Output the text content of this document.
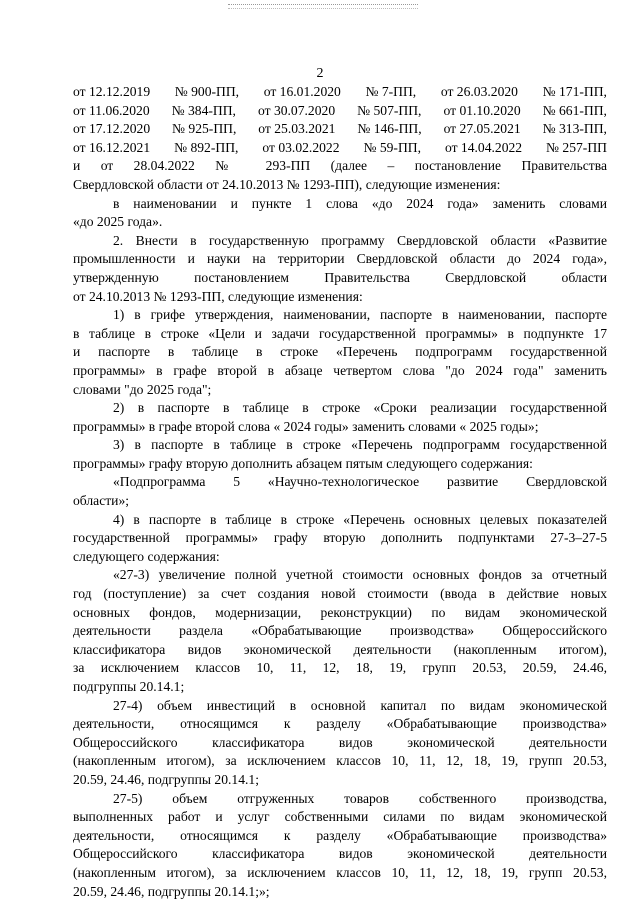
2
от 12.12.2019 № 900-ПП, от 16.01.2020 № 7-ПП, от 26.03.2020 № 171-ПП,
от 11.06.2020 № 384-ПП, от 30.07.2020 № 507-ПП, от 01.10.2020 № 661-ПП,
от 17.12.2020 № 925-ПП, от 25.03.2021 № 146-ПП, от 27.05.2021 № 313-ПП,
от 16.12.2021 № 892-ПП, от 03.02.2022 № 59-ПП, от 14.04.2022 № 257-ПП

и от 28.04.2022 № 293-ПП (далее – постановление Правительства

Свердловской области от 24.10.2013 № 1293-ПП), следующие изменения:

в наименовании и пункте 1 слова «до 2024 года» заменить словами

«до 2025 года».

2. Внести в государственную программу Свердловской области «Развитие

промышленности и науки на территории Свердловской области до 2024 года»,

утвержденную постановлением Правительства Свердловской области

от 24.10.2013 № 1293-ПП, следующие изменения:

1) в грифе утверждения, наименовании, паспорте в наименовании, паспорте

в таблице в строке «Цели и задачи государственной программы» в подпункте 17

и паспорте в таблице в строке «Перечень подпрограмм государственной

программы» в графе второй в абзаце четвертом слова "до 2024 года" заменить

словами "до 2025 года";

2) в паспорте в таблице в строке «Сроки реализации государственной

программы» в графе второй слова « 2024 годы» заменить словами « 2025 годы»;

3) в паспорте в таблице в строке «Перечень подпрограмм государственной

программы» графу вторую дополнить абзацем пятым следующего содержания:

«Подпрограмма 5 «Научно-технологическое развитие Свердловской

области»;

4) в паспорте в таблице в строке «Перечень основных целевых показателей

государственной программы» графу вторую дополнить подпунктами 27-3–27-5

следующего содержания:

«27-3) увеличение полной учетной стоимости основных фондов за отчетный

год (поступление) за счет создания новой стоимости (ввода в действие новых

основных фондов, модернизации, реконструкции) по видам экономической

деятельности раздела «Обрабатывающие производства» Общероссийского

классификатора видов экономической деятельности (накопленным итогом),

за исключением классов 10, 11, 12, 18, 19, групп 20.53, 20.59, 24.46,

подгруппы 20.14.1;

27-4) объем инвестиций в основной капитал по видам экономической

деятельности, относящимся к разделу «Обрабатывающие производства»

Общероссийского классификатора видов экономической деятельности

(накопленным итогом), за исключением классов 10, 11, 12, 18, 19, групп 20.53,

20.59, 24.46, подгруппы 20.14.1;

27-5) объем отгруженных товаров собственного производства,

выполненных работ и услуг собственными силами по видам экономической

деятельности, относящимся к разделу «Обрабатывающие производства»

Общероссийского классификатора видов экономической деятельности

(накопленным итогом), за исключением классов 10, 11, 12, 18, 19, групп 20.53,

20.59, 24.46, подгруппы 20.14.1;»;
